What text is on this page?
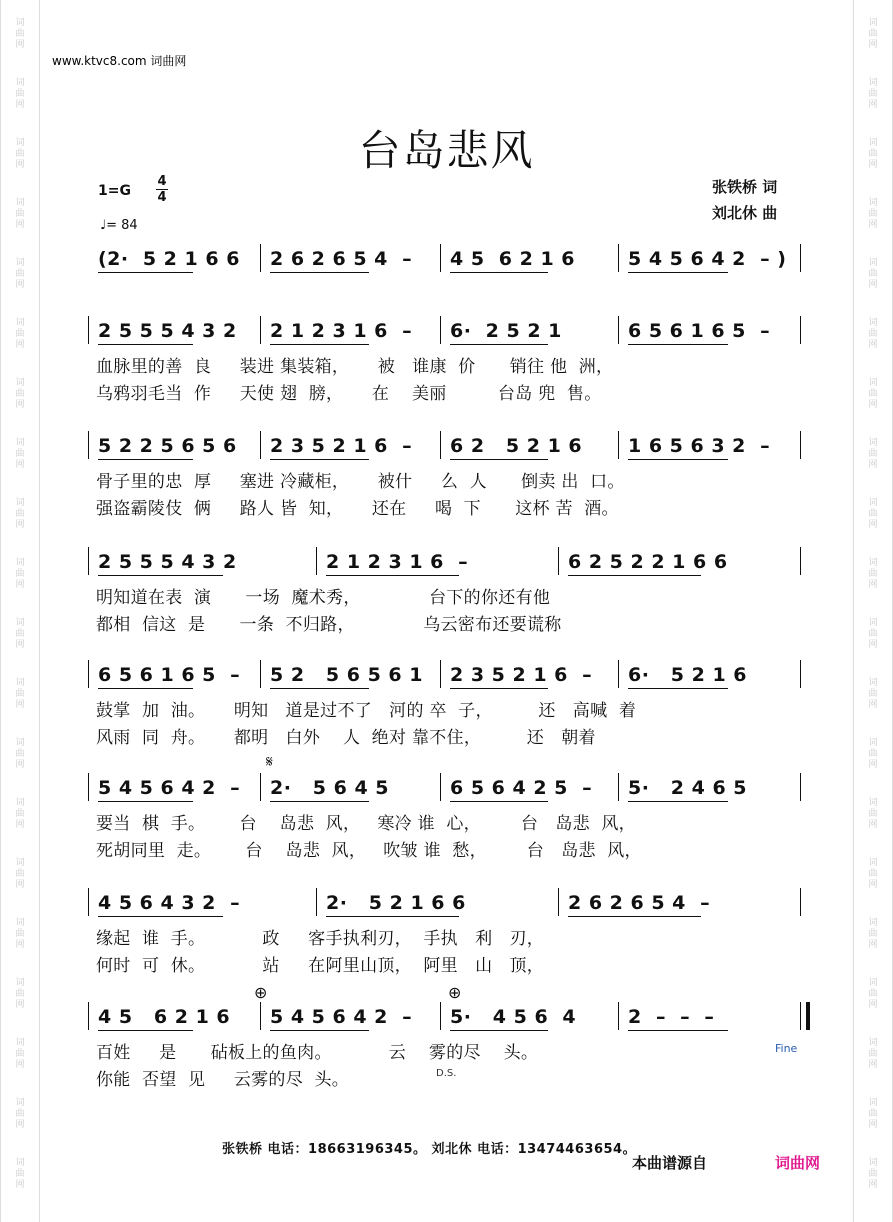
词
曲
网
词
曲
网
词
曲
网
词
曲
网
词
曲
网
词
曲
网
词
曲
网
词
曲
网
词
曲
网
词
曲
网
词
曲
网
词
曲
网
词
曲
网
词
曲
网
词
曲
网
词
曲
网
词
曲
网
词
曲
网
词
曲
网
词
曲
网
词
曲
网
词
曲
网
词
曲
网
词
曲
网
词
曲
网
词
曲
网
词
曲
网
词
曲
网
词
曲
网
词
曲
网
词
曲
网
词
曲
网
词
曲
网
词
曲
网
词
曲
网
词
曲
网
词
曲
网
词
曲
网
词
曲
网
词
曲
网
www.ktvc8.com 词曲网
台岛悲风
1=G
4
4
♩= 84
张铁桥 词
刘北休 曲
(2·  5 2 1 6 6 2 6 2 6 5 4  – 4 5  6 2 1 6	5 4 5 6 4 2  – )
2 5 5 5 4 3 2 2 1 2 3 1 6  – 6·  2 5 2 1	6 5 6 1 6 5  –
血脉里的善  良     装进 集装箱，     被   谁康  价      销往 他  洲，
乌鸦羽毛当  作     天使 翅  膀，     在    美丽         台岛 兜  售。
5 2 2 5 6 5 6 2 3 5 2 1 6  – 6 2   5 2 1 6 1 6 5 6 3 2  –
骨子里的忠  厚     塞进 冷藏柜，     被什     么  人      倒卖 出  口。
强盗霸陵伎  俩     路人 皆  知，     还在     喝  下      这杯 苦  酒。
2 5 5 5 4 3 2	2 1 2 3 1 6  –	6 2 5 2 2 1 6 6
明知道在表  演      一场  魔术秀，            台下的你还有他
都相  信这  是      一条  不归路，            乌云密布还要谎称
6 5 6 1 6 5  – 5 2   5 6 5 6 1 2 3 5 2 1 6  – 6·   5 2 1 6
鼓掌  加  油。     明知   道是过不了   河的 卒  子，        还   高喊  着
风雨  同  舟。     都明   白外    人  绝对 靠不住，        还   朝着
5 4 5 6 4 2  – 2·   5 6 4 5	6 5 6 4 2 5  – 5·   2 4 6 5
要当  棋  手。      台    岛悲  风，   寒冷 谁  心，       台   岛悲  风，
死胡同里  走。      台    岛悲  风，   吹皱 谁  愁，       台   岛悲  风，
4 5 6 4 3 2  –	2·   5 2 1 6 6	2 6 2 6 5 4  –
缘起  谁  手。          政     客手执利刃，  手执   利   刃，
何时  可  休。          站     在阿里山顶，  阿里   山   顶，
4 5   6 2 1 6 5 4 5 6 4 2  – 5·   4 5 6  4	2  –  –  –
百姓     是      砧板上的鱼肉。          云    雾的尽    头。
你能  否望  见     云雾的尽  头。
𝄋
⊕	⊕
Fine
D.S.
张铁桥 电话：18663196345。 刘北休 电话：13474463654。
本曲谱源自	词曲网
